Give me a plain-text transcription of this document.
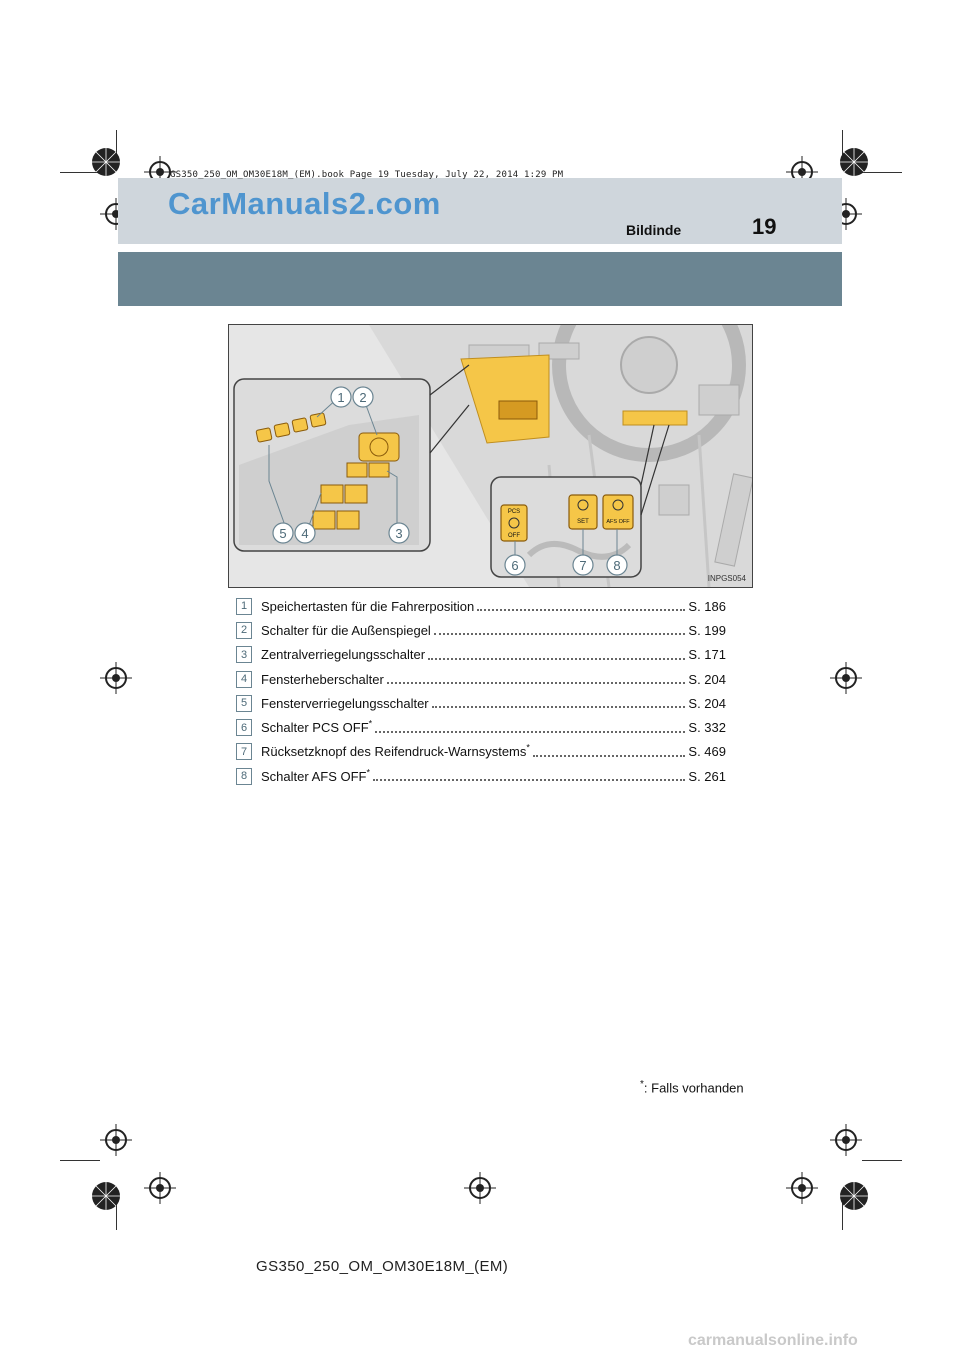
GS350_250_OM_OM30E18M_(EM).book Page 19 Tuesday, July 22, 2014 1:29 PM
CarManuals2.com
Bildinde	19
PCS
OFF
SET	AFS OFF
1 2
3
4
5
6	7 8
INPGS054
1	Speichertasten für die Fahrerposition	S. 186
2	Schalter für die Außenspiegel	S. 199
3	Zentralverriegelungsschalter	S. 171
4	Fensterheberschalter	S. 204
5	Fensterverriegelungsschalter	S. 204
6	Schalter PCS OFF*	S. 332
7	Rücksetzknopf des Reifendruck-Warnsystems*	S. 469
8	Schalter AFS OFF*	S. 261
*: Falls vorhanden
GS350_250_OM_OM30E18M_(EM)
carmanualsonline.info
